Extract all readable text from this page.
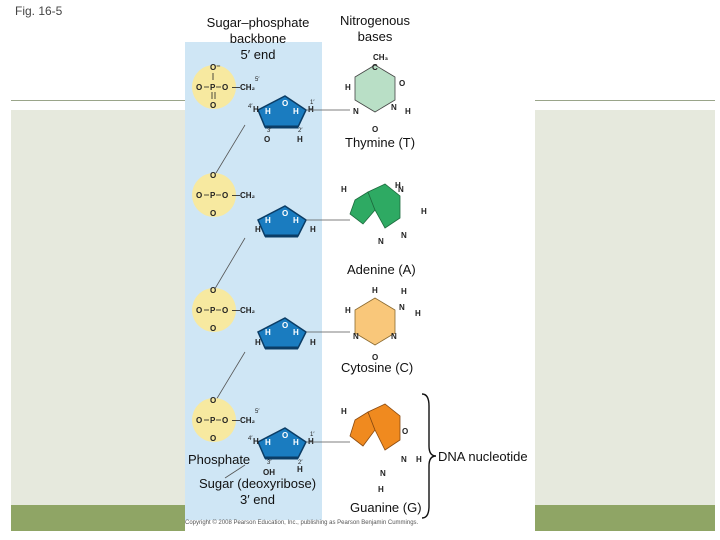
Fig. 16-5
Sugar–phosphate
backbone
5′ end
Nitrogenous
bases
O⁻
O P O
O
—CH₂
5′
O
H	H
H	H
4′
1′
3′	2′
H
O
C
CH₃
O
N H
N
O
H
O
O P O
O
—CH₂
O
H	H
H	H
H	N
H
H
N
N
O
O P O
O
—CH₂
O
H	H
H	H
H	H
N
H
H
N
N
O
O
O P O
O
—CH₂
5′
O
H	H
H	H
4′
1′
3′	2′
OH	H
H
O
N H
N
H
Thymine (T)
Adenine (A)
Cytosine (C)
Guanine (G)
Phosphate
Sugar (deoxyribose)
3′ end
Copyright © 2008 Pearson Education, Inc., publishing as Pearson Benjamin Cummings.
DNA nucleotide
